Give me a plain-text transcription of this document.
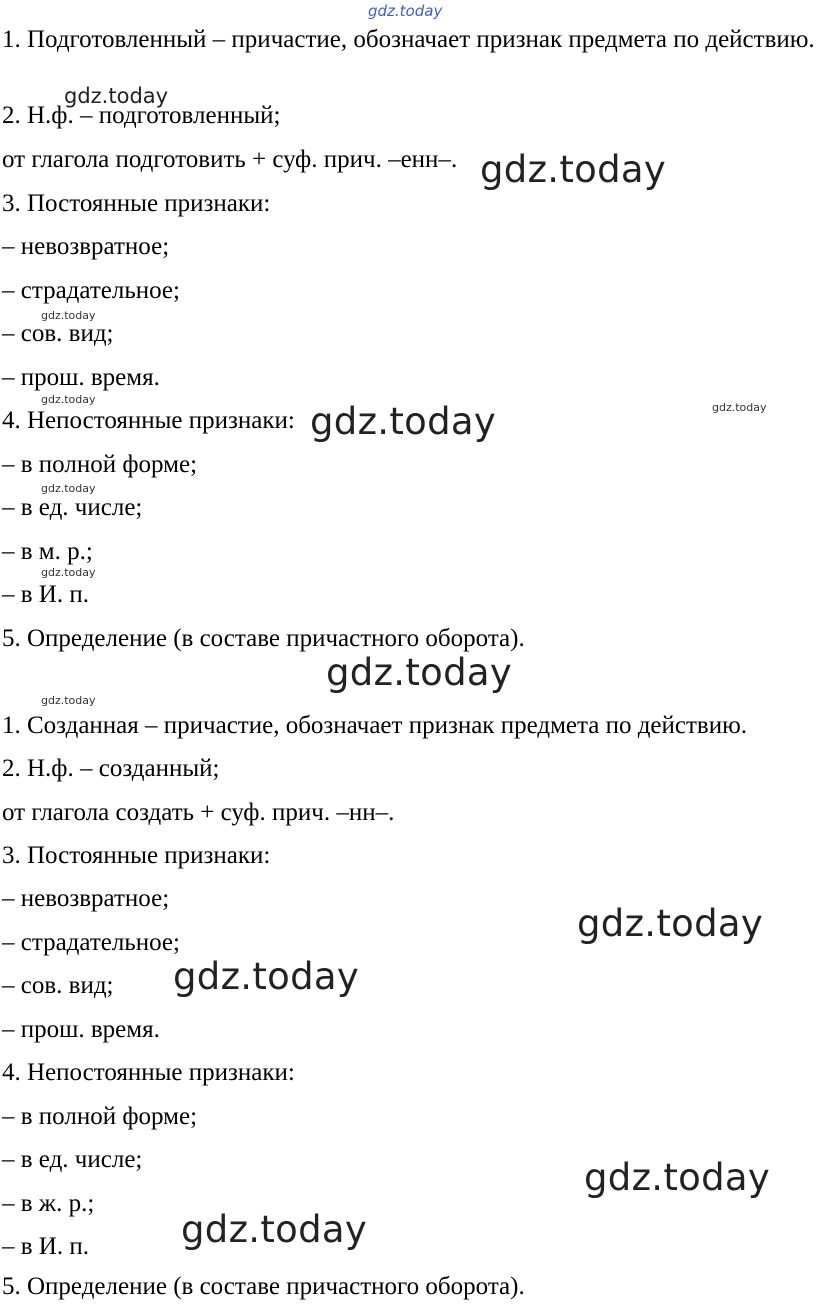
1. Подготовленный – причастие, обозначает признак предмета по действию.
2. Н.ф. – подготовленный;
от глагола подготовить + суф. прич. –енн–.
3. Постоянные признаки:
– невозвратное;
– страдательное;
– сов. вид;
– прош. время.
4. Непостоянные признаки:
– в полной форме;
– в ед. числе;
– в м. р.;
– в И. п.
5. Определение (в составе причастного оборота).
1. Созданная – причастие, обозначает признак предмета по действию.
2. Н.ф. – созданный;
от глагола создать + суф. прич. –нн–.
3. Постоянные признаки:
– невозвратное;
– страдательное;
– сов. вид;
– прош. время.
4. Непостоянные признаки:
– в полной форме;
– в ед. числе;
– в ж. р.;
– в И. п.
5. Определение (в составе причастного оборота).
gdz.today
gdz.today
gdz.today
gdz.today
gdz.today
gdz.today	gdz.today
gdz.today
gdz.today
gdz.today
gdz.today
gdz.today
gdz.today
gdz.today
gdz.today
